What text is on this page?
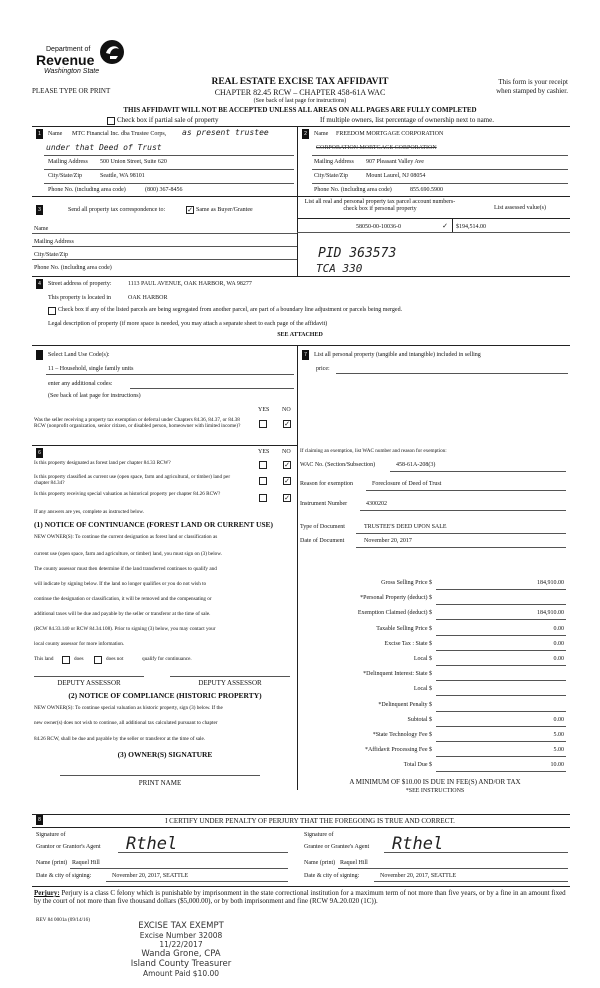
Department of
Revenue
Washington State
PLEASE TYPE OR PRINT
REAL ESTATE EXCISE TAX AFFIDAVIT
CHAPTER 82.45 RCW – CHAPTER 458-61A WAC
(See back of last page for instructions)
This form is your receipt
when stamped by cashier.
THIS AFFIDAVIT WILL NOT BE ACCEPTED UNLESS ALL AREAS ON ALL PAGES ARE FULLY COMPLETED
Check box if partial sale of property	If multiple owners, list percentage of ownership next to name.
1	Name MTC Financial Inc. dba Trustee Corps, as present trustee
under that Deed of Trust
Mailing Address 500 Union Street, Suite 620
City/State/Zip	Seattle, WA 98101
Phone No. (including area code)	(800) 367-8456
2	Name FREEDOM MORTGAGE CORPORATION
CORPORATION MORTGAGE CORPORATION
Mailing Address 907 Pleasant Valley Ave
City/State/Zip	Mount Laurel, NJ 08054
Phone No. (including area code)	855.690.5900
3	Send all property tax correspondence to:	✓ Same as Buyer/Grantee
List all real and personal property tax parcel account numbers-check box if personal property	List assessed value(s)
58050-00-10036-0	✓ $194,514.00
Name
Mailing Address
City/State/Zip
Phone No. (including area code)
PID 363573
TCA 330
4	Street address of property:	1113 PAUL AVENUE, OAK HARBOR, WA 98277
This property is located in	OAK HARBOR
Check box if any of the listed parcels are being segregated from another parcel, are part of a boundary line adjustment or parcels being merged.
Legal description of property (if more space is needed, you may attach a separate sheet to each page of the affidavit)
SEE ATTACHED
Select Land Use Code(s):
11 – Household, single family units
enter any additional codes:
(See back of last page for instructions)
YES NO
Was the seller receiving a property tax exemption or deferral under Chapters 84.36, 84.37, or 84.38 RCW (nonprofit organization, senior citizen, or disabled person, homeowner with limited income)?	✓
7	List all personal property (tangible and intangible) included in selling
price:
6	YES NO
Is this property designated as forest land per chapter 84.33 RCW?	✓
Is this property classified as current use (open space, farm and agricultural, or timber) land per chapter 84.34?	✓
Is this property receiving special valuation as historical property per chapter 84.26 RCW?	✓
If any answers are yes, complete as instructed below.
(1) NOTICE OF CONTINUANCE (FOREST LAND OR CURRENT USE)
NEW OWNER(S): To continue the current designation as forest land or classification as
current use (open space, farm and agriculture, or timber) land, you must sign on (3) below.
The county assessor must then determine if the land transferred continues to qualify and
will indicate by signing below. If the land no longer qualifies or you do not wish to
continue the designation or classification, it will be removed and the compensating or
additional taxes will be due and payable by the seller or transferor at the time of sale.
(RCW 84.33.140 or RCW 84.34.108). Prior to signing (3) below, you may contact your
local county assessor for more information.
This land	does	does not	qualify for continuance.
DEPUTY ASSESSOR	DEPUTY ASSESSOR
(2) NOTICE OF COMPLIANCE (HISTORIC PROPERTY)
NEW OWNER(S): To continue special valuation as historic property, sign (3) below. If the
new owner(s) does not wish to continue, all additional tax calculated pursuant to chapter
84.26 RCW, shall be due and payable by the seller or transferor at the time of sale.
(3) OWNER(S) SIGNATURE
PRINT NAME
If claiming an exemption, list WAC number and reason for exemption:
WAC No. (Section/Subsection)	458-61A-208(3)
Reason for exemption	Foreclosure of Deed of Trust
Instrument Number	4300202
Type of Document	TRUSTEE'S DEED UPON SALE
Date of Document	November 20, 2017
Gross Selling Price $	184,910.00
*Personal Property (deduct) $
Exemption Claimed (deduct) $	184,910.00
Taxable Selling Price $	0.00
Excise Tax : State $	0.00
Local $	0.00
*Delinquent Interest: State $
Local $
*Delinquent Penalty $
Subtotal $	0.00
*State Technology Fee $	5.00
*Affidavit Processing Fee $	5.00
Total Due $	10.00
A MINIMUM OF $10.00 IS DUE IN FEE(S) AND/OR TAX
*SEE INSTRUCTIONS
8	I CERTIFY UNDER PENALTY OF PERJURY THAT THE FOREGOING IS TRUE AND CORRECT.
Signature of
Grantor or Grantor's Agent Rthel
Name (print) Raquel Hill
Date & city of signing:	November 20, 2017, SEATTLE
Signature of
Grantee or Grantee's Agent Rthel
Name (print) Raquel Hill
Date & city of signing:	November 20, 2017, SEATTLE
Perjury: Perjury is a class C felony which is punishable by imprisonment in the state correctional institution for a maximum term of not more than five years, or by a fine in an amount fixed by the court of not more than five thousand dollars ($5,000.00), or by both imprisonment and fine (RCW 9A.20.020 (1C)).
REV 84 0001a (09/14/16)
EXCISE TAX EXEMPT
Excise Number 32008
11/22/2017
Wanda Grone, CPA
Island County Treasurer
Amount Paid $10.00
